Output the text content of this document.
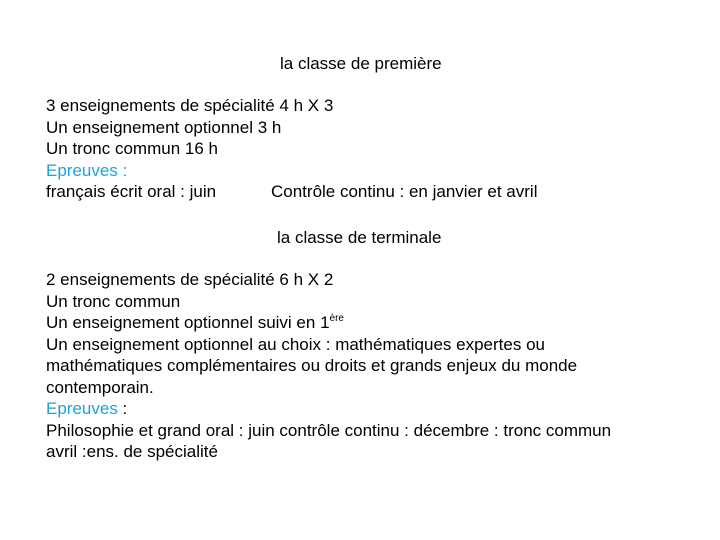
la classe de première
3 enseignements de spécialité 4 h X 3
Un enseignement optionnel 3 h
Un tronc commun 16 h
Epreuves :
français écrit oral : juin	Contrôle continu : en janvier et avril
la classe de terminale
2 enseignements de spécialité 6 h X 2
Un tronc commun
Un enseignement optionnel suivi en 1ère
Un enseignement optionnel au choix : mathématiques expertes ou
mathématiques complémentaires ou droits et grands enjeux du monde
contemporain.
Epreuves :
Philosophie et grand oral : juin contrôle continu : décembre : tronc commun
avril :ens. de spécialité
